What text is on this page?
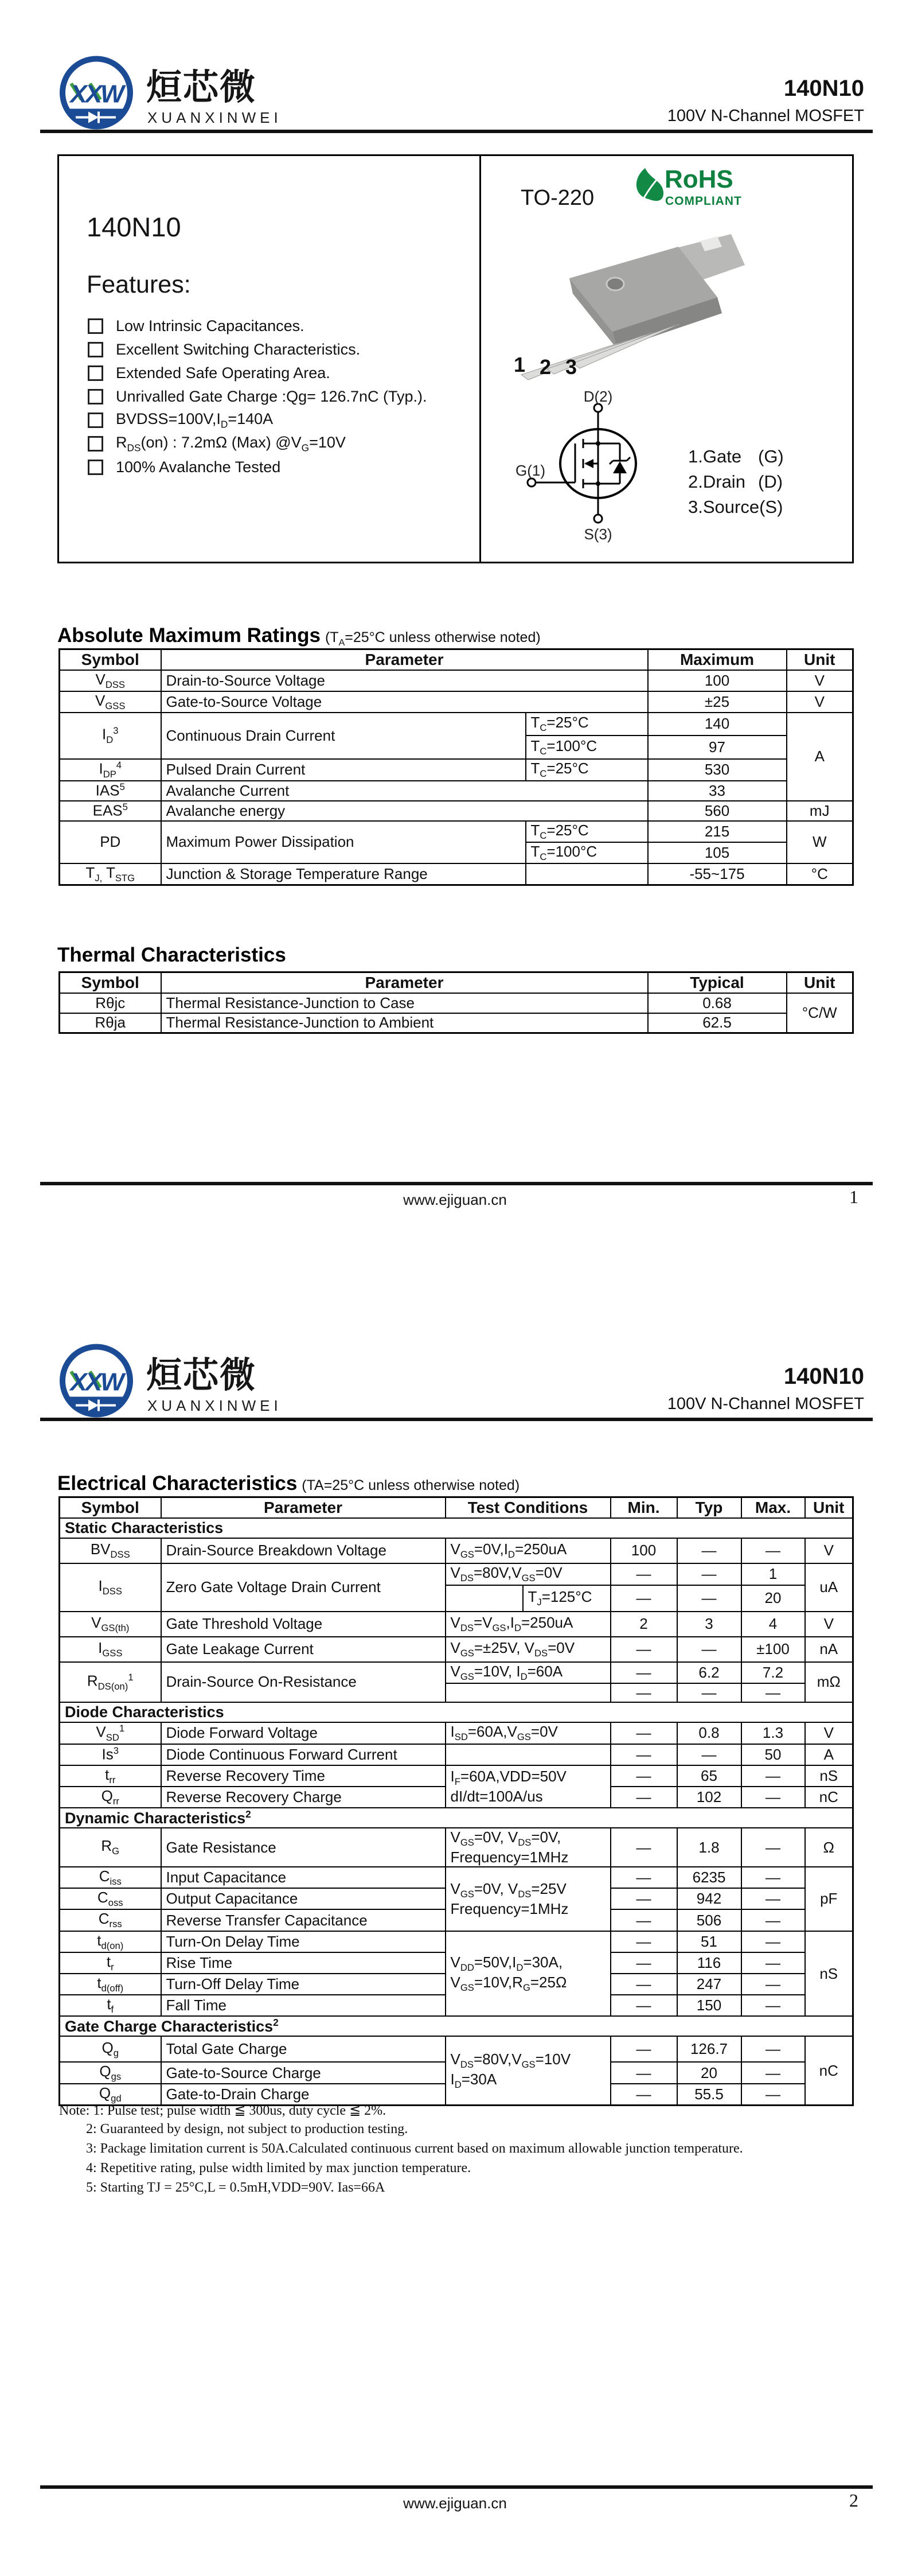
XXW 烜芯微
XUANXINWEI
140N10
100V N-Channel MOSFET
140N10
Features:
Low Intrinsic Capacitances.
Excellent Switching Characteristics.
Extended Safe Operating Area.
Unrivalled Gate Charge :Qg= 126.7nC (Typ.).
$BVDSS=100V,I_D=140A$
$R_{DS}(on)$ : 7.2mΩ (Max) $@V_G=10V$
100% Avalanche Tested
TO-220
RoHS
COMPLIANT
1 2 3
D(2)
G(1)
S(3)
1.Gate (G)
2.Drain (D)
3.Source (S)
Absolute Maximum Ratings ($T_A=25^\circ C$ unless otherwise noted)
Symbol	Parameter		Maximum	Unit
$V_{DSS}$	Drain-to-Source Voltage		100	V
$V_{GSS}$	Gate-to-Source Voltage		±25	V
$I_D^3$	Continuous Drain Current	$T_C=25^\circ C$	140	A
		$T_C=100^\circ C$	97	
$I_{DP}^4$	Pulsed Drain Current	$T_C=25^\circ C$	530	
IAS$^5$	Avalanche Current		33	
EAS$^5$	Avalanche energy		560	mJ
PD	Maximum Power Dissipation	$T_C=25^\circ C$	215	W
		$T_C=100^\circ C$	105	
$T_{J,}$ $T_{STG}$	Junction & Storage Temperature Range		-55~175	°C
Thermal Characteristics
Symbol	Parameter	Typical	Unit
Rθjc	Thermal Resistance-Junction to Case	0.68	°C/W
Rθja	Thermal Resistance-Junction to Ambient	62.5	
www.ejiguan.cn	1
XXW 烜芯微
XUANXINWEI
140N10
100V N-Channel MOSFET
Electrical Characteristics (TA=25°C unless otherwise noted)
Symbol	Parameter	Test Conditions		Min.	Typ	Max.	Unit
Static Characteristics							
$BV_{DSS}$	Drain-Source Breakdown Voltage	$V_{GS}=0V,I_D=250uA$		100	—	—	V
$I_{DSS}$	Zero Gate Voltage Drain Current	$V_{DS}=80V,V_{GS}=0V$		—	—	1	uA
			$T_J=125^\circ C$	—	—	20	
$V_{GS(th)}$	Gate Threshold Voltage	$V_{DS}=V_{GS},I_D=250uA$		2	3	4	V
$I_{GSS}$	Gate Leakage Current	$V_{GS}=\pm 25V$, $V_{DS}=0V$		—	—	±100	nA
$R_{DS(on)}^1$	Drain-Source On-Resistance	$V_{GS}=10V$, $I_D=60A$		—	6.2	7.2	mΩ
				—	—	—	
Diode Characteristics							
$V_{SD}^1$	Diode Forward Voltage	$I_{SD}=60A,V_{GS}=0V$		—	0.8	1.3	V
Is$^3$	Diode Continuous Forward Current			—	—	50	A
$t_{rr}$	Reverse Recovery Time	$I_F=60A,VDD=50V$
dI/dt=100A/us		—	65	—	nS
$Q_{rr}$	Reverse Recovery Charge			—	102	—	nC
Dynamic Characteristics$^2$
$R_G$	Gate Resistance	$V_{GS}=0V$, $V_{DS}=0V$,
Frequency=1MHz		—	1.8	—	Ω
$C_{iss}$	Input Capacitance	$V_{GS}=0V$, $V_{DS}=25V$
Frequency=1MHz		—	6235	—	pF
$C_{oss}$	Output Capacitance			—	942	—	
$C_{rss}$	Reverse Transfer Capacitance			—	506	—	
$t_{d(on)}$	Turn-On Delay Time	$V_{DD}=50V,I_D=30A$,
$V_{GS}=10V,R_G=25\Omega$		—	51	—	nS
$t_r$	Rise Time			—	116	—	
$t_{d(off)}$	Turn-Off Delay Time			—	247	—	
$t_f$	Fall Time			—	150	—	
Gate Charge Characteristics$^2$
$Q_g$	Total Gate Charge	$V_{DS}=80V,V_{GS}=10V$
$I_D=30A$		—	126.7	—	nC
$Q_{gs}$	Gate-to-Source Charge			—	20	—	
$Q_{gd}$	Gate-to-Drain Charge			—	55.5	—	
Note: 1: Pulse test; pulse width ≦ 300us, duty cycle ≦ 2%.
2: Guaranteed by design, not subject to production testing.
3: Package limitation current is 50A.Calculated continuous current based on maximum allowable junction temperature.
4: Repetitive rating, pulse width limited by max junction temperature.
5: Starting TJ = 25°C,L = 0.5mH,VDD=90V. Ias=66A
www.ejiguan.cn	2
